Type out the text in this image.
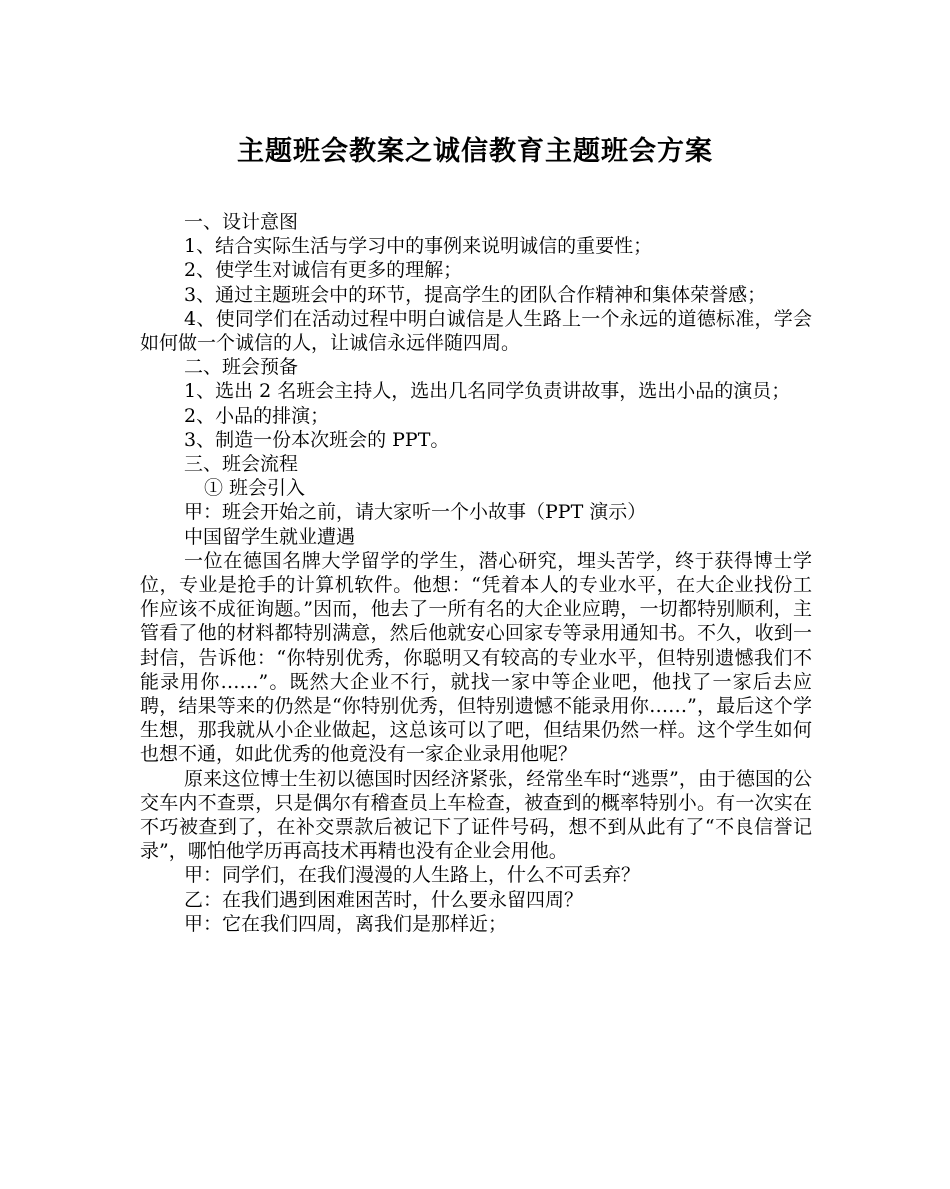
主题班会教案之诚信教育主题班会方案

一、设计意图

1、结合实际生活与学习中的事例来说明诚信的重要性；

2、使学生对诚信有更多的理解；

3、通过主题班会中的环节，提高学生的团队合作精神和集体荣誉感；

4、使同学们在活动过程中明白诚信是人生路上一个永远的道德标准，学会如何做一个诚信的人，让诚信永远伴随四周。

二、班会预备

1、选出 2 名班会主持人，选出几名同学负责讲故事，选出小品的演员；

2、小品的排演；

3、制造一份本次班会的 PPT。

三、班会流程

① 班会引入

甲：班会开始之前，请大家听一个小故事（PPT 演示）

中国留学生就业遭遇

一位在德国名牌大学留学的学生，潜心研究，埋头苦学，终于获得博士学位，专业是抢手的计算机软件。他想：“凭着本人的专业水平，在大企业找份工作应该不成征询题。”因而，他去了一所有名的大企业应聘，一切都特别顺利，主管看了他的材料都特别满意，然后他就安心回家专等录用通知书。不久，收到一封信，告诉他：“你特别优秀，你聪明又有较高的专业水平，但特别遗憾我们不能录用你……”。既然大企业不行，就找一家中等企业吧，他找了一家后去应聘，结果等来的仍然是“你特别优秀，但特别遗憾不能录用你……”，最后这个学生想，那我就从小企业做起，这总该可以了吧，但结果仍然一样。这个学生如何也想不通，如此优秀的他竟没有一家企业录用他呢？

原来这位博士生初以德国时因经济紧张，经常坐车时“逃票”，由于德国的公交车内不查票，只是偶尔有稽查员上车检查，被查到的概率特别小。有一次实在不巧被查到了，在补交票款后被记下了证件号码，想不到从此有了“不良信誉记录”，哪怕他学历再高技术再精也没有企业会用他。

甲：同学们，在我们漫漫的人生路上，什么不可丢弃？

乙：在我们遇到困难困苦时，什么要永留四周？

甲：它在我们四周，离我们是那样近；
